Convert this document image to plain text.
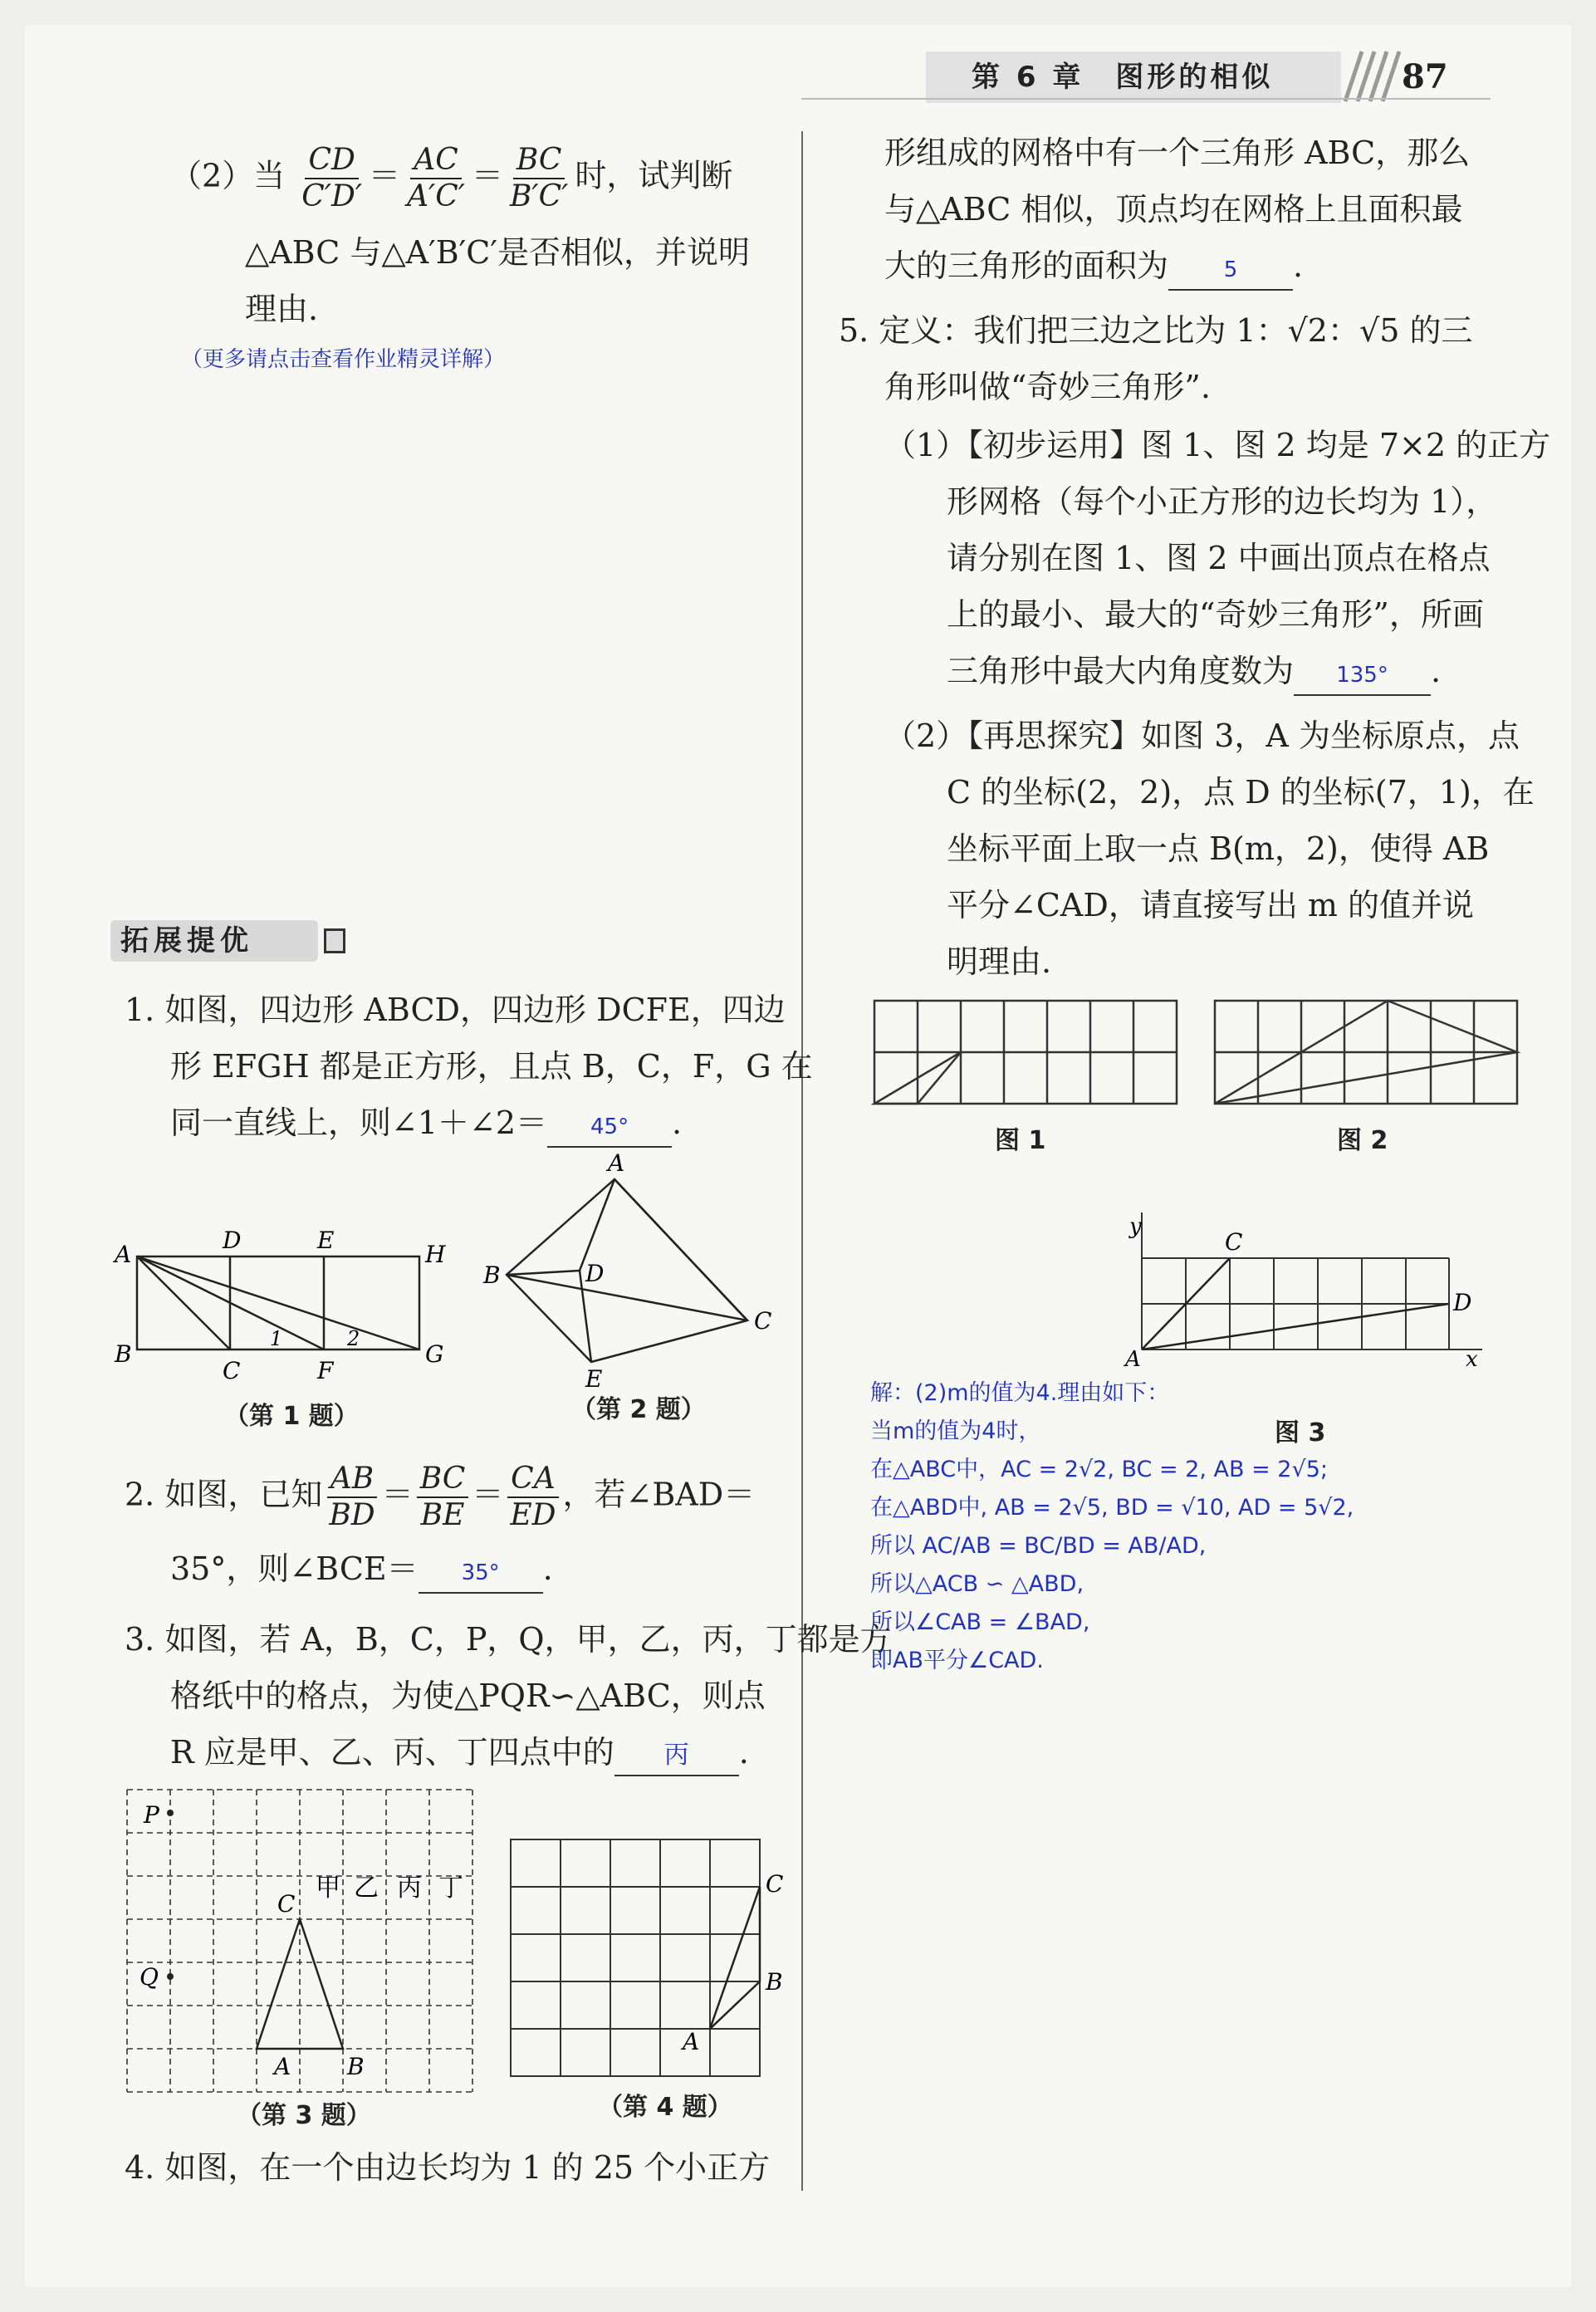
第 6 章　图形的相似	87
（2）当 $\frac{CD}{C'D'} = \frac{AC}{A'C'} = \frac{BC}{B'C'}$ 时，试判断
△ABC 与△A′B′C′是否相似，并说明
理由.
（更多请点击查看作业精灵详解）
拓展提优
1. 如图，四边形 ABCD，四边形 DCFE，四边
形 EFGH 都是正方形，且点 B，C，F，G 在
同一直线上，则∠1＋∠2＝ 45° .
A
D	E
H
B
C	F
G
1	2
（第 1 题）
A
B	D
C
E
（第 2 题）
2. 如图，已知 $\frac{AB}{BD} = \frac{BC}{BE} = \frac{CA}{ED}$ ，若∠BAD＝
35°，则∠BCE＝ 35° .
3. 如图，若 A，B，C，P，Q，甲，乙，丙，丁都是方
格纸中的格点，为使△PQR∽△ABC，则点
R 应是甲、乙、丙、丁四点中的 丙 .
P
Q
C
A B
甲 乙 丙 丁
（第 3 题）
C
B
A
（第 4 题）
4. 如图，在一个由边长均为 1 的 25 个小正方
形组成的网格中有一个三角形 ABC，那么
与△ABC 相似，顶点均在网格上且面积最
大的三角形的面积为	5 .
5. 定义：我们把三边之比为 1：√2：√5 的三
角形叫做“奇妙三角形”.
（1）【初步运用】图 1、图 2 均是 7×2 的正方
形网格（每个小正方形的边长均为 1），
请分别在图 1、图 2 中画出顶点在格点
上的最小、最大的“奇妙三角形”，所画
三角形中最大内角度数为 135° .
（2）【再思探究】如图 3，A 为坐标原点，点
C 的坐标(2，2)，点 D 的坐标(7，1)，在
坐标平面上取一点 B(m，2)，使得 AB
平分∠CAD，请直接写出 m 的值并说
明理由.
图 1	图 2
y
C
D
A	x
解：(2)m的值为4.理由如下：
当m的值为4时，
在△ABC中，AC = 2√2, BC = 2, AB = 2√5;
在△ABD中, AB = 2√5, BD = √10, AD = 5√2,
所以 AC/AB = BC/BD = AB/AD,
所以△ACB ∽ △ABD,
所以∠CAB = ∠BAD,
即AB平分∠CAD.
图 3
